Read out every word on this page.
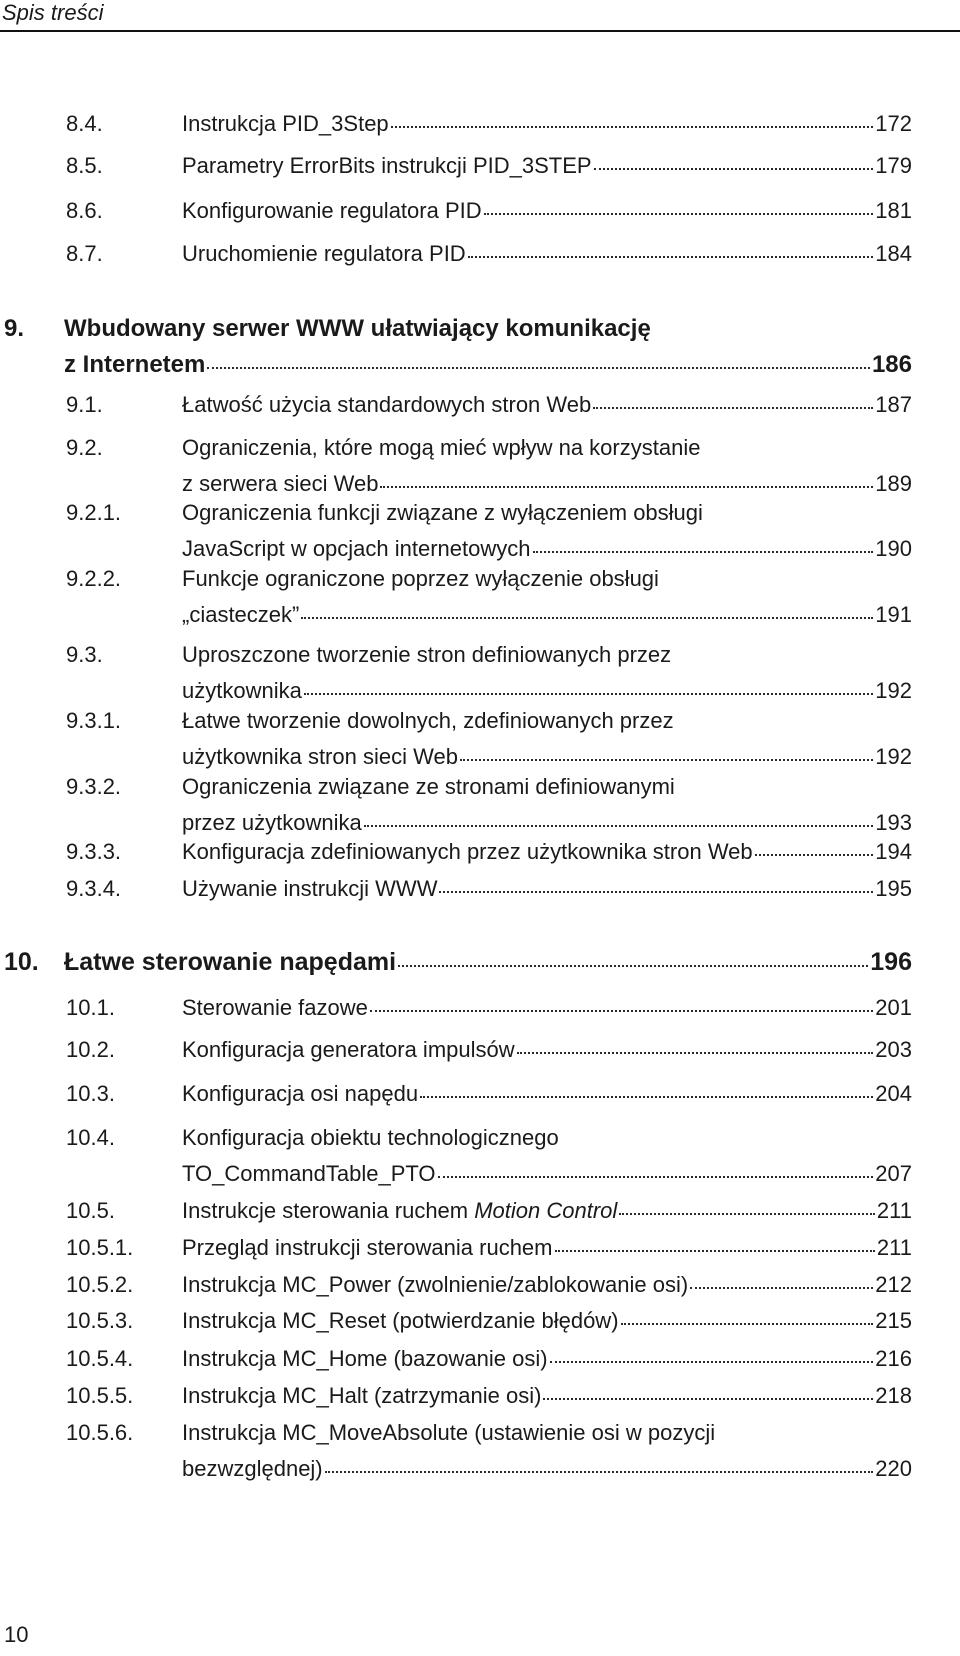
Spis treści
8.4.	Instrukcja PID_3Step	172
8.5.	Parametry ErrorBits instrukcji PID_3STEP	179
8.6.	Konfigurowanie regulatora PID	181
8.7.	Uruchomienie regulatora PID	184
9. Wbudowany serwer WWW ułatwiający komunikację
z Internetem	186
9.1.	Łatwość użycia standardowych stron Web	187
9.2.	Ograniczenia, które mogą mieć wpływ na korzystanie
z serwera sieci Web	189
9.2.1.	Ograniczenia funkcji związane z wyłączeniem obsługi
JavaScript w opcjach internetowych	190
9.2.2.	Funkcje ograniczone poprzez wyłączenie obsługi
„ciasteczek”	191
9.3.	Uproszczone tworzenie stron definiowanych przez
użytkownika	192
9.3.1.	Łatwe tworzenie dowolnych, zdefiniowanych przez
użytkownika stron sieci Web	192
9.3.2.	Ograniczenia związane ze stronami definiowanymi
przez użytkownika	193
9.3.3.	Konfiguracja zdefiniowanych przez użytkownika stron Web	194
9.3.4.	Używanie instrukcji WWW	195
10. Łatwe sterowanie napędami	196
10.1.	Sterowanie fazowe	201
10.2.	Konfiguracja generatora impulsów	203
10.3.	Konfiguracja osi napędu	204
10.4.	Konfiguracja obiektu technologicznego
TO_CommandTable_PTO	207
10.5.	Instrukcje sterowania ruchem Motion Control	211
10.5.1. Przegląd instrukcji sterowania ruchem	211
10.5.2. Instrukcja MC_Power (zwolnienie/zablokowanie osi)	212
10.5.3. Instrukcja MC_Reset (potwierdzanie błędów)	215
10.5.4. Instrukcja MC_Home (bazowanie osi)	216
10.5.5. Instrukcja MC_Halt (zatrzymanie osi)	218
10.5.6. Instrukcja MC_MoveAbsolute (ustawienie osi w pozycji
bezwzględnej)	220
10
